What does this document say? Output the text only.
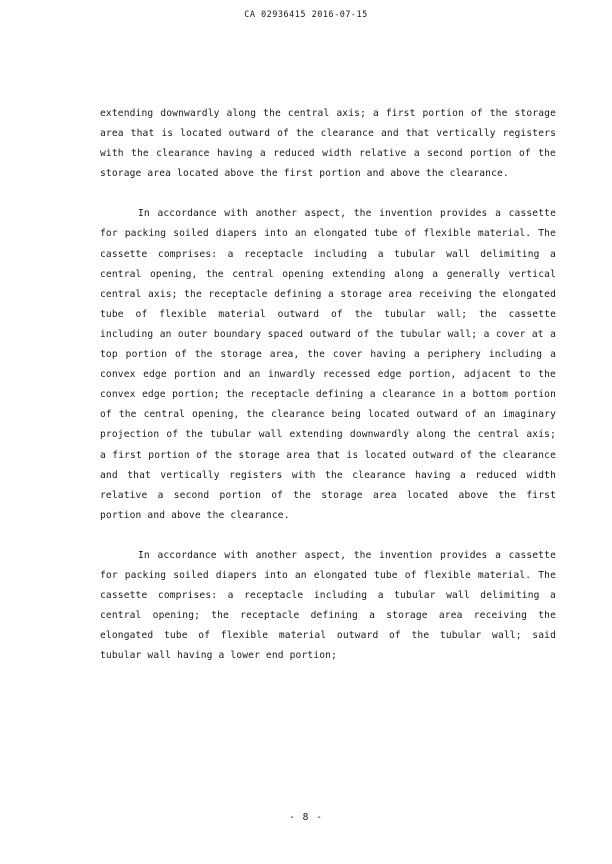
CA 02936415 2016-07-15

extending downwardly along the central axis; a first portion of the storage area that is located outward of the clearance and that vertically registers with the clearance having a reduced width relative a second portion of the storage area located above the first portion and above the clearance.

In accordance with another aspect, the invention provides a cassette for packing soiled diapers into an elongated tube of flexible material. The cassette comprises: a receptacle including a tubular wall delimiting a central opening, the central opening extending along a generally vertical central axis; the receptacle defining a storage area receiving the elongated tube of flexible material outward of the tubular wall; the cassette including an outer boundary spaced outward of the tubular wall; a cover at a top portion of the storage area, the cover having a periphery including a convex edge portion and an inwardly recessed edge portion, adjacent to the convex edge portion; the receptacle defining a clearance in a bottom portion of the central opening, the clearance being located outward of an imaginary projection of the tubular wall extending downwardly along the central axis; a first portion of the storage area that is located outward of the clearance and that vertically registers with the clearance having a reduced width relative a second portion of the storage area located above the first portion and above the clearance.

In accordance with another aspect, the invention provides a cassette for packing soiled diapers into an elongated tube of flexible material. The cassette comprises: a receptacle including a tubular wall delimiting a central opening; the receptacle defining a storage area receiving the elongated tube of flexible material outward of the tubular wall; said tubular wall having a lower end portion;

- 8 -
